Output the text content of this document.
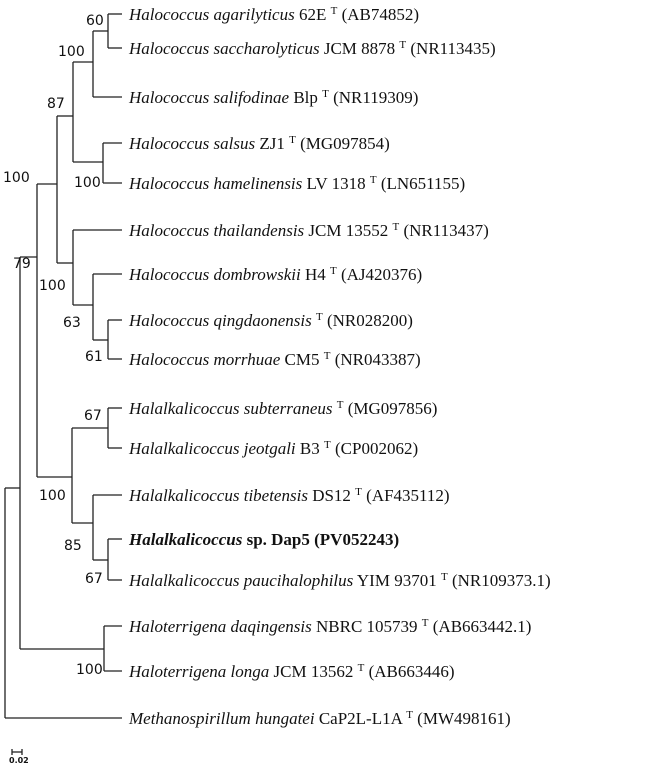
60
100
87
100
100
100
63
61
79
67
100
85
67
100
Halococcus agarilyticus 62E $^T$ (AB74852)
Halococcus saccharolyticus JCM 8878 $^T$ (NR113435)
Halococcus salifodinae Blp $^T$ (NR119309)
Halococcus salsus ZJ1 $^T$ (MG097854)
Halococcus hamelinensis LV 1318 $^T$ (LN651155)
Halococcus thailandensis JCM 13552 $^T$ (NR113437)
Halococcus dombrowskii H4 $^T$ (AJ420376)
Halococcus qingdaonensis $^T$ (NR028200)
Halococcus morrhuae CM5 $^T$ (NR043387)
Halalkalicoccus subterraneus $^T$ (MG097856)
Halalkalicoccus jeotgali B3 $^T$ (CP002062)
Halalkalicoccus tibetensis DS12 $^T$ (AF435112)
Halalkalicoccus sp. Dap5 (PV052243)
Halalkalicoccus paucihalophilus YIM 93701 $^T$ (NR109373.1)
Haloterrigena daqingensis NBRC 105739 $^T$ (AB663442.1)
Haloterrigena longa JCM 13562 $^T$ (AB663446)
Methanospirillum hungatei CaP2L-L1A $^T$ (MW498161)
0.02
